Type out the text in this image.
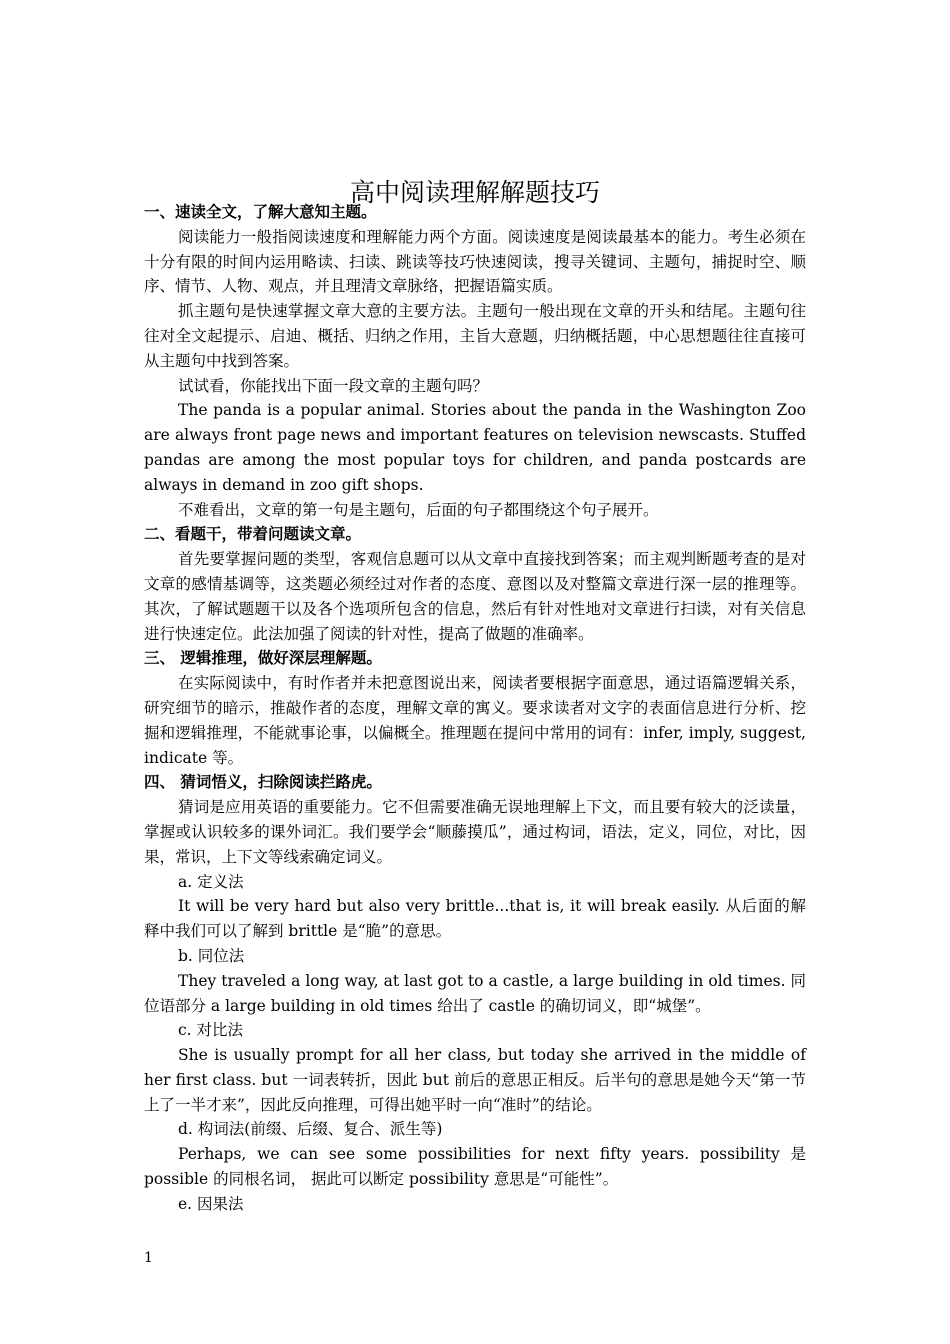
高中阅读理解解题技巧
一、速读全文，了解大意知主题。

阅读能力一般指阅读速度和理解能力两个方面。阅读速度是阅读最基本的能力。考生必须在十分有限的时间内运用略读、扫读、跳读等技巧快速阅读，搜寻关键词、主题句，捕捉时空、顺序、情节、人物、观点，并且理清文章脉络，把握语篇实质。

抓主题句是快速掌握文章大意的主要方法。主题句一般出现在文章的开头和结尾。主题句往往对全文起提示、启迪、概括、归纳之作用，主旨大意题，归纳概括题，中心思想题往往直接可从主题句中找到答案。

试试看，你能找出下面一段文章的主题句吗？

The panda is a popular animal. Stories about the panda in the Washington Zoo are always front page news and important features on television newscasts. Stuffed pandas are among the most popular toys for children, and panda postcards are always in demand in zoo gift shops.

不难看出，文章的第一句是主题句，后面的句子都围绕这个句子展开。

二、看题干，带着问题读文章。

首先要掌握问题的类型，客观信息题可以从文章中直接找到答案；而主观判断题考查的是对文章的感情基调等，这类题必须经过对作者的态度、意图以及对整篇文章进行深一层的推理等。其次，了解试题题干以及各个选项所包含的信息，然后有针对性地对文章进行扫读，对有关信息进行快速定位。此法加强了阅读的针对性，提高了做题的准确率。

三、 逻辑推理，做好深层理解题。

在实际阅读中，有时作者并未把意图说出来，阅读者要根据字面意思，通过语篇逻辑关系，研究细节的暗示，推敲作者的态度，理解文章的寓义。要求读者对文字的表面信息进行分析、挖掘和逻辑推理，不能就事论事，以偏概全。推理题在提问中常用的词有：infer, imply, suggest, indicate 等。

四、 猜词悟义，扫除阅读拦路虎。

猜词是应用英语的重要能力。它不但需要准确无误地理解上下文，而且要有较大的泛读量，掌握或认识较多的课外词汇。我们要学会“顺藤摸瓜”，通过构词，语法，定义，同位，对比，因果，常识，上下文等线索确定词义。

a. 定义法

It will be very hard but also very brittle...that is, it will break easily. 从后面的解释中我们可以了解到 brittle 是“脆”的意思。

b. 同位法

They traveled a long way, at last got to a castle, a large building in old times. 同位语部分 a large building in old times 给出了 castle 的确切词义，即“城堡”。

c. 对比法

She is usually prompt for all her class, but today she arrived in the middle of her first class. but 一词表转折，因此 but 前后的意思正相反。后半句的意思是她今天“第一节上了一半才来”，因此反向推理，可得出她平时一向“准时”的结论。

d. 构词法(前缀、后缀、复合、派生等)

Perhaps, we can see some possibilities for next fifty years. possibility 是 possible 的同根名词， 据此可以断定 possibility 意思是“可能性”。

e. 因果法

1
